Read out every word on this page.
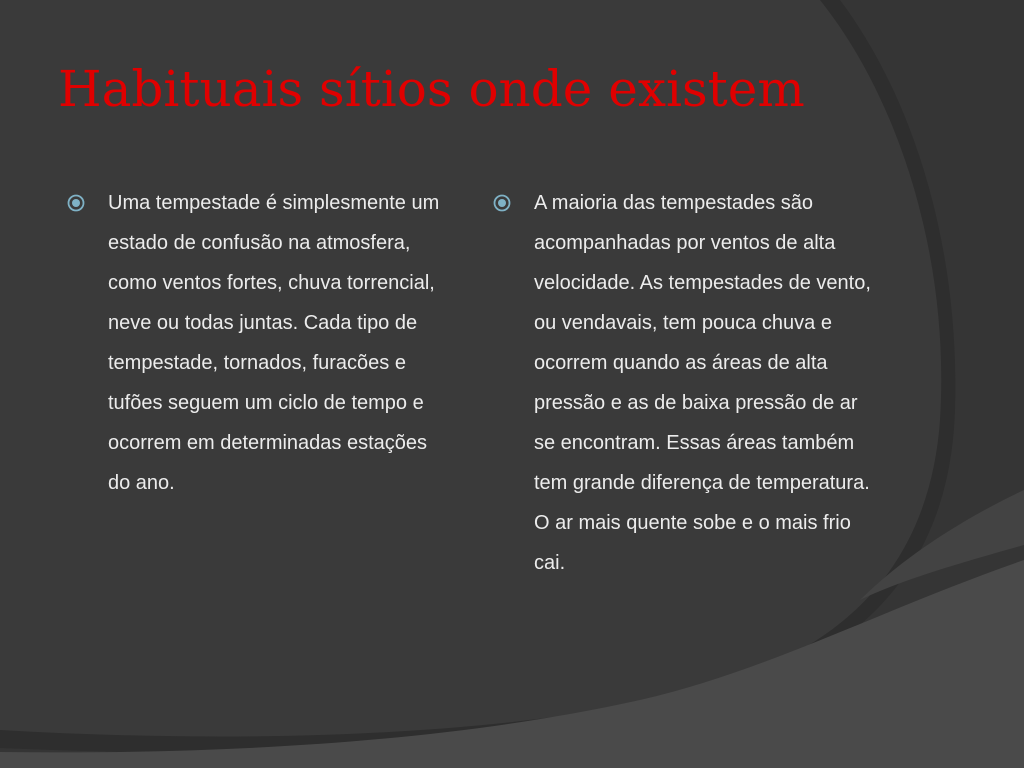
Habituais sítios onde existem

Uma tempestade é simplesmente um estado de confusão na atmosfera, como ventos fortes, chuva torrencial, neve ou todas juntas. Cada tipo de tempestade, tornados, furacões e tufões seguem um ciclo de tempo e ocorrem em determinadas estações do ano.

A maioria das tempestades são acompanhadas por ventos de alta velocidade. As tempestades de vento, ou vendavais, tem pouca chuva e ocorrem quando as áreas de alta pressão e as de baixa pressão de ar se encontram. Essas áreas também tem grande diferença de temperatura. O ar mais quente sobe e o mais frio cai.
